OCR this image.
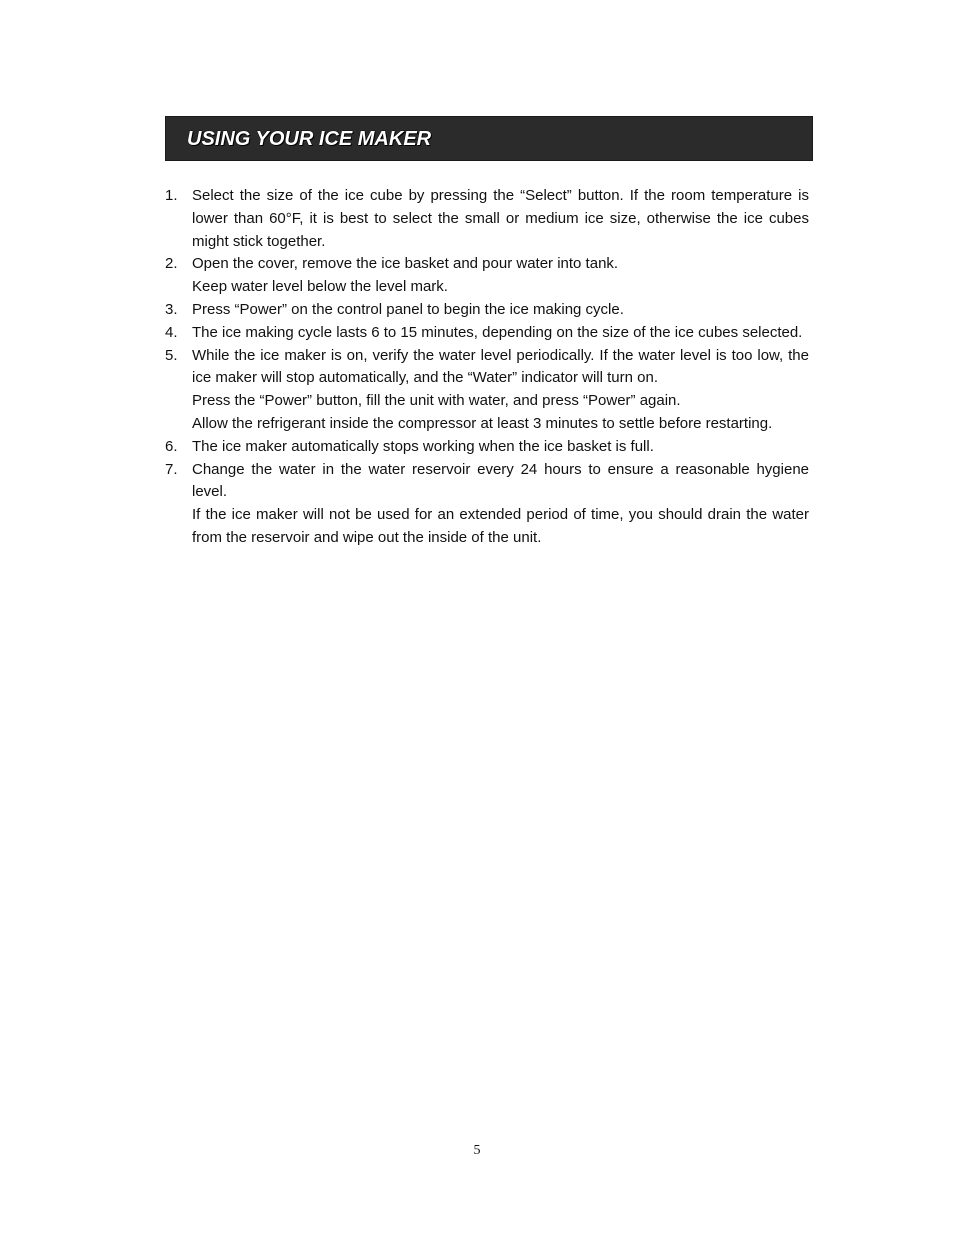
USING YOUR ICE MAKER
1. Select the size of the ice cube by pressing the “Select” button. If the room temperature is lower than 60°F, it is best to select the small or medium ice size, otherwise the ice cubes might stick together.
2. Open the cover, remove the ice basket and pour water into tank.
Keep water level below the level mark.
3. Press “Power” on the control panel to begin the ice making cycle.
4. The ice making cycle lasts 6 to 15 minutes, depending on the size of the ice cubes selected.
5. While the ice maker is on, verify the water level periodically. If the water level is too low, the ice maker will stop automatically, and the “Water” indicator will turn on.
Press the “Power” button, fill the unit with water, and press “Power” again.
Allow the refrigerant inside the compressor at least 3 minutes to settle before restarting.
6. The ice maker automatically stops working when the ice basket is full.
7. Change the water in the water reservoir every 24 hours to ensure a reasonable hygiene level.
If the ice maker will not be used for an extended period of time, you should drain the water from the reservoir and wipe out the inside of the unit.
5
